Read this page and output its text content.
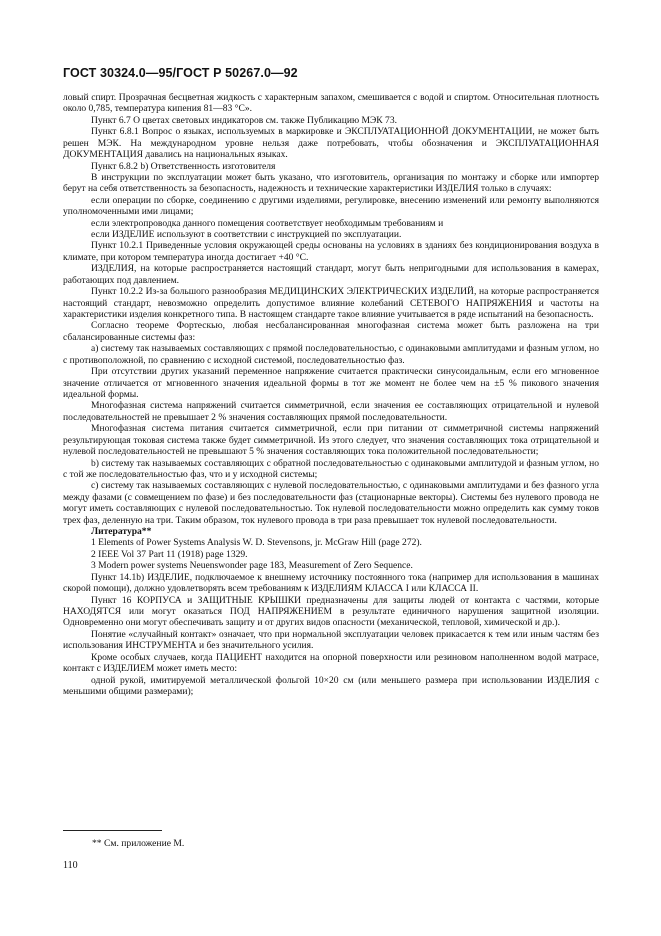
ГОСТ 30324.0—95/ГОСТ Р 50267.0—92

ловый спирт. Прозрачная бесцветная жидкость с характерным запахом, смешивается с водой и спиртом. Относительная плотность около 0,785, температура кипения 81—83 °С».

Пункт 6.7 О цветах световых индикаторов см. также Публикацию МЭК 73.

Пункт 6.8.1 Вопрос о языках, используемых в маркировке и ЭКСПЛУАТАЦИОННОЙ ДОКУМЕНТАЦИИ, не может быть решен МЭК. На международном уровне нельзя даже потребовать, чтобы обозначения и ЭКСПЛУАТАЦИОННАЯ ДОКУМЕНТАЦИЯ давались на национальных языках.

Пункт 6.8.2 b) Ответственность изготовителя

В инструкции по эксплуатации может быть указано, что изготовитель, организация по монтажу и сборке или импортер берут на себя ответственность за безопасность, надежность и технические характеристики ИЗДЕЛИЯ только в случаях:

если операции по сборке, соединению с другими изделиями, регулировке, внесению изменений или ремонту выполняются уполномоченными ими лицами;

если электропроводка данного помещения соответствует необходимым требованиям и

если ИЗДЕЛИЕ используют в соответствии с инструкцией по эксплуатации.

Пункт 10.2.1 Приведенные условия окружающей среды основаны на условиях в зданиях без кондиционирования воздуха в климате, при котором температура иногда достигает +40 °С.

ИЗДЕЛИЯ, на которые распространяется настоящий стандарт, могут быть непригодными для использования в камерах, работающих под давлением.

Пункт 10.2.2 Из-за большого разнообразия МЕДИЦИНСКИХ ЭЛЕКТРИЧЕСКИХ ИЗДЕЛИЙ, на которые распространяется настоящий стандарт, невозможно определить допустимое влияние колебаний СЕТЕВОГО НАПРЯЖЕНИЯ и частоты на характеристики изделия конкретного типа. В настоящем стандарте такое влияние учитывается в ряде испытаний на безопасность.

Согласно теореме Фортескью, любая несбалансированная многофазная система может быть разложена на три сбалансированные системы фаз:

а) систему так называемых составляющих с прямой последовательностью, с одинаковыми амплитудами и фазным углом, но с противоположной, по сравнению с исходной системой, последовательностью фаз.

При отсутствии других указаний переменное напряжение считается практически синусоидальным, если его мгновенное значение отличается от мгновенного значения идеальной формы в тот же момент не более чем на ±5 % пикового значения идеальной формы.

Многофазная система напряжений считается симметричной, если значения ее составляющих отрицательной и нулевой последовательностей не превышает 2 % значения составляющих прямой последовательности.

Многофазная система питания считается симметричной, если при питании от симметричной системы напряжений результирующая токовая система также будет симметричной. Из этого следует, что значения составляющих тока отрицательной и нулевой последовательностей не превышают 5 % значения составляющих тока положительной последовательности;

b) систему так называемых составляющих с обратной последовательностью с одинаковыми амплитудой и фазным углом, но с той же последовательностью фаз, что и у исходной системы;

c) систему так называемых составляющих с нулевой последовательностью, с одинаковыми амплитудами и без фазного угла между фазами (с совмещением по фазе) и без последовательности фаз (стационарные векторы). Системы без нулевого провода не могут иметь составляющих с нулевой последовательностью. Ток нулевой последовательности можно определить как сумму токов трех фаз, деленную на три. Таким образом, ток нулевого провода в три раза превышает ток нулевой последовательности.

Литература**

1 Elements of Power Systems Analysis W. D. Stevensons, jr. McGraw Hill (page 272).

2 IEEE Vol 37 Part 11 (1918) page 1329.

3 Modern power systems Neuenswonder page 183, Measurement of Zero Sequence.

Пункт 14.1b) ИЗДЕЛИЕ, подключаемое к внешнему источнику постоянного тока (например для использования в машинах скорой помощи), должно удовлетворять всем требованиям к ИЗДЕЛИЯМ КЛАССА I или КЛАССА II.

Пункт 16 КОРПУСА и ЗАЩИТНЫЕ КРЫШКИ предназначены для защиты людей от контакта с частями, которые НАХОДЯТСЯ или могут оказаться ПОД НАПРЯЖЕНИЕМ в результате единичного нарушения защитной изоляции. Одновременно они могут обеспечивать защиту и от других видов опасности (механической, тепловой, химической и др.).

Понятие «случайный контакт» означает, что при нормальной эксплуатации человек прикасается к тем или иным частям без использования ИНСТРУМЕНТА и без значительного усилия.

Кроме особых случаев, когда ПАЦИЕНТ находится на опорной поверхности или резиновом наполненном водой матрасе, контакт с ИЗДЕЛИЕМ может иметь место:

одной рукой, имитируемой металлической фольгой 10×20 см (или меньшего размера при использовании ИЗДЕЛИЯ с меньшими общими размерами);

** См. приложение М.
110
